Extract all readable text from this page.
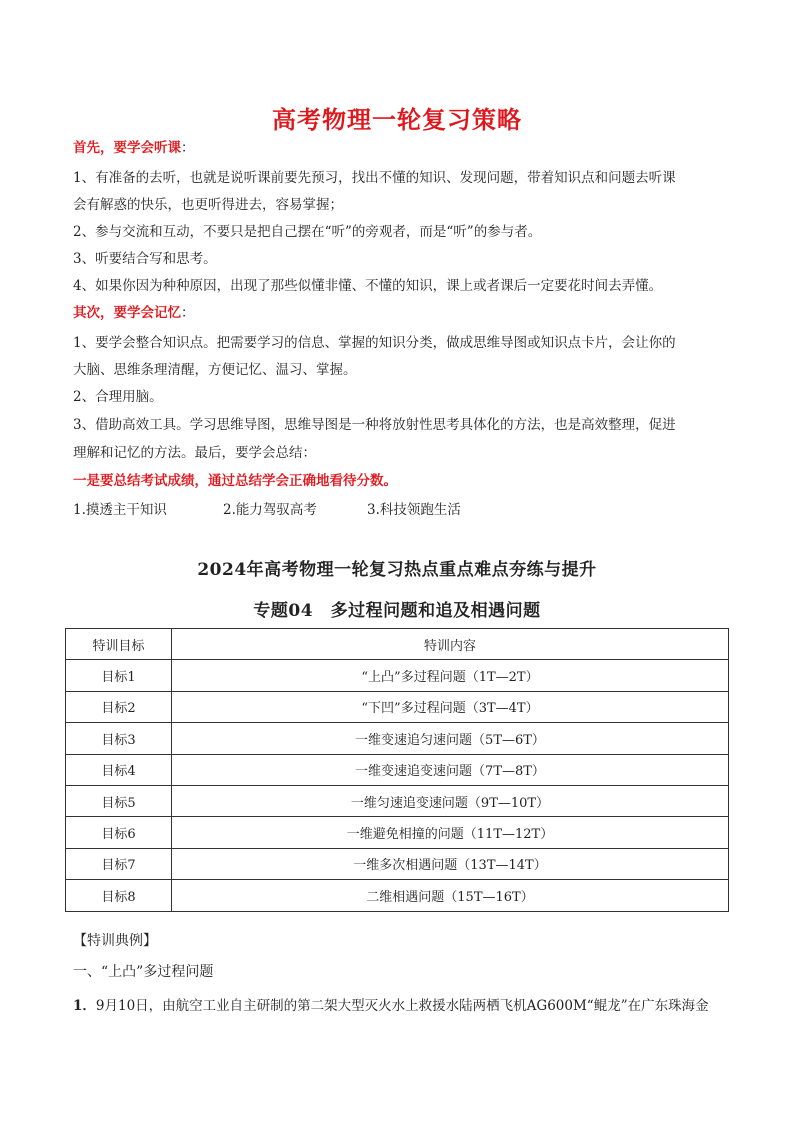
高考物理一轮复习策略
首先，要学会听课：
1、有准备的去听，也就是说听课前要先预习，找出不懂的知识、发现问题，带着知识点和问题去听课
会有解惑的快乐，也更听得进去，容易掌握；
2、参与交流和互动，不要只是把自己摆在“听”的旁观者，而是“听”的参与者。
3、听要结合写和思考。
4、如果你因为种种原因，出现了那些似懂非懂、不懂的知识，课上或者课后一定要花时间去弄懂。
其次，要学会记忆：
1、要学会整合知识点。把需要学习的信息、掌握的知识分类，做成思维导图或知识点卡片，会让你的
大脑、思维条理清醒，方便记忆、温习、掌握。
2、合理用脑。
3、借助高效工具。学习思维导图，思维导图是一种将放射性思考具体化的方法，也是高效整理，促进
理解和记忆的方法。最后，要学会总结：
一是要总结考试成绩，通过总结学会正确地看待分数。
1.摸透主干知识	2.能力驾驭高考	3.科技领跑生活
2024年高考物理一轮复习热点重点难点夯练与提升
专题04　多过程问题和追及相遇问题
特训目标	特训内容
目标1	“上凸”多过程问题（1T—2T）
目标2	“下凹”多过程问题（3T—4T）
目标3	一维变速追匀速问题（5T—6T）
目标4	一维变速追变速问题（7T—8T）
目标5	一维匀速追变速问题（9T—10T）
目标6	一维避免相撞的问题（11T—12T）
目标7	一维多次相遇问题（13T—14T）
目标8	二维相遇问题（15T—16T）
【特训典例】
一、“上凸”多过程问题
1．9月10日，由航空工业自主研制的第二架大型灭火水上救援水陆两栖飞机AG600M“鲲龙”在广东珠海金
